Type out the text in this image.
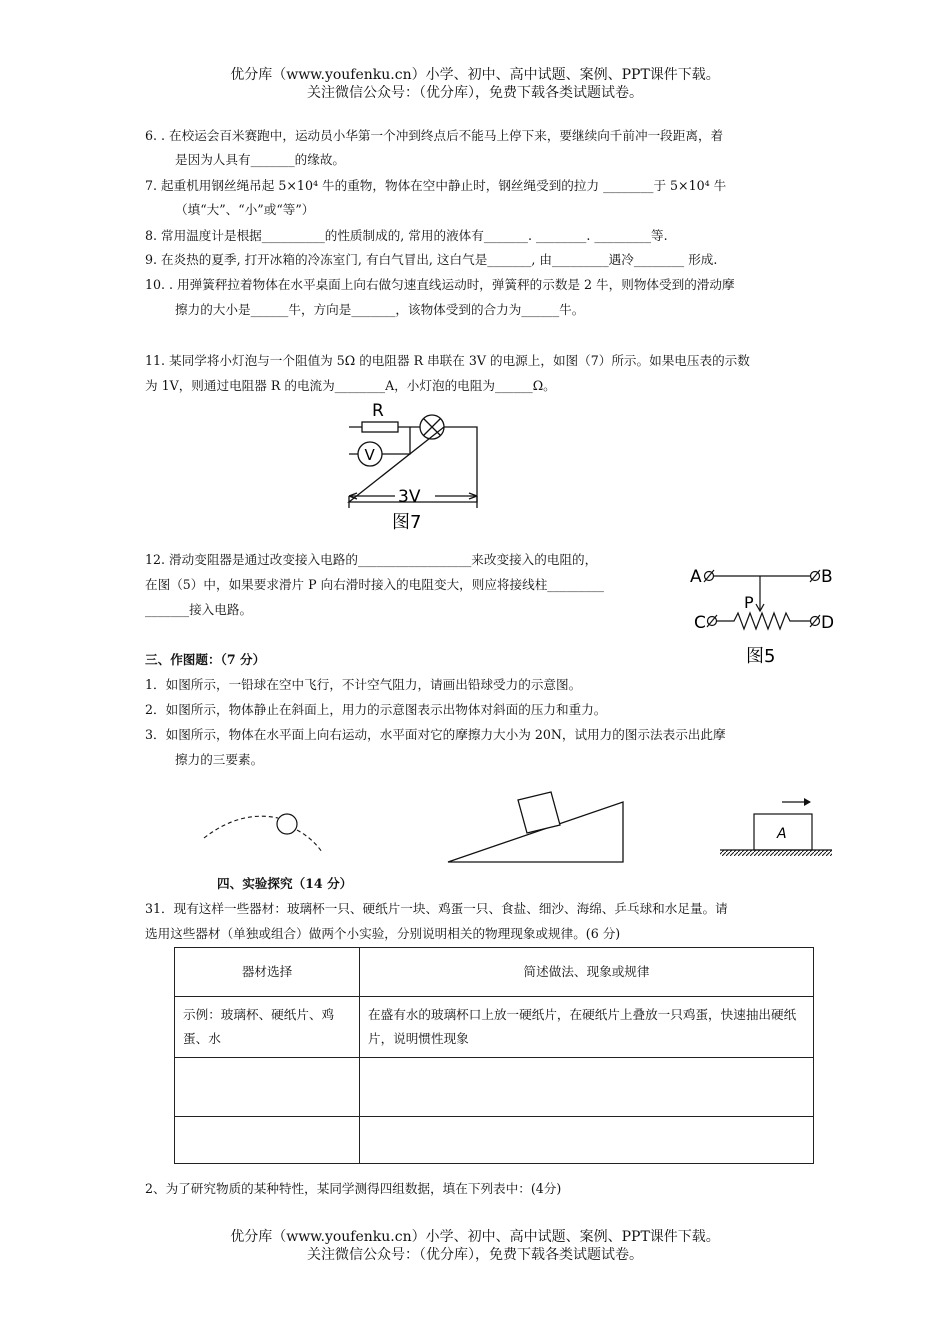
优分库（www.youfenku.cn）小学、初中、高中试题、案例、PPT课件下载。
关注微信公众号：（优分库），免费下载各类试题试卷。
6. . 在校运会百米赛跑中，运动员小华第一个冲到终点后不能马上停下来，要继续向千前冲一段距离，着
是因为人具有_______的缘故。
7. 起重机用钢丝绳吊起 5×10⁴ 牛的重物，物体在空中静止时，钢丝绳受到的拉力 ________于 5×10⁴ 牛
（填“大”、“小”或“等”）
8. 常用温度计是根据__________的性质制成的, 常用的液体有_______. ________. _________等.
9. 在炎热的夏季, 打开冰箱的冷冻室门, 有白气冒出, 这白气是_______, 由_________遇冷________ 形成.
10. . 用弹簧秤拉着物体在水平桌面上向右做匀速直线运动时，弹簧秤的示数是 2 牛，则物体受到的滑动摩
擦力的大小是______牛，方向是_______，该物体受到的合力为______牛。
11. 某同学将小灯泡与一个阻值为 5Ω 的电阻器 R 串联在 3V 的电源上，如图（7）所示。如果电压表的示数
为 1V，则通过电阻器 R 的电流为________A，小灯泡的电阻为______Ω。
R
V
3V
图7
12. 滑动变阻器是通过改变接入电路的__________________来改变接入的电阻的，
在图（5）中，如果要求滑片 P 向右滑时接入的电阻变大，则应将接线柱_________
_______接入电路。
A	B
C	D
P
图5
三、作图题：（7 分）
1．如图所示，一铅球在空中飞行，不计空气阻力，请画出铅球受力的示意图。
2．如图所示，物体静止在斜面上，用力的示意图表示出物体对斜面的压力和重力。
3．如图所示，物体在水平面上向右运动，水平面对它的摩擦力大小为 20N，试用力的图示法表示出此摩
擦力的三要素。
A
四、实验探究（14 分）
31．现有这样一些器材：玻璃杯一只、硬纸片一块、鸡蛋一只、食盐、细沙、海绵、乒乓球和水足量。请
选用这些器材（单独或组合）做两个小实验，分别说明相关的物理现象或规律。(6 分)
器材选择	简述做法、现象或规律
示例：玻璃杯、硬纸片、鸡蛋、水	在盛有水的玻璃杯口上放一硬纸片，在硬纸片上叠放一只鸡蛋，快速抽出硬纸片，说明惯性现象

2、为了研究物质的某种特性，某同学测得四组数据，填在下列表中：(4分)
优分库（www.youfenku.cn）小学、初中、高中试题、案例、PPT课件下载。
关注微信公众号：（优分库），免费下载各类试题试卷。
